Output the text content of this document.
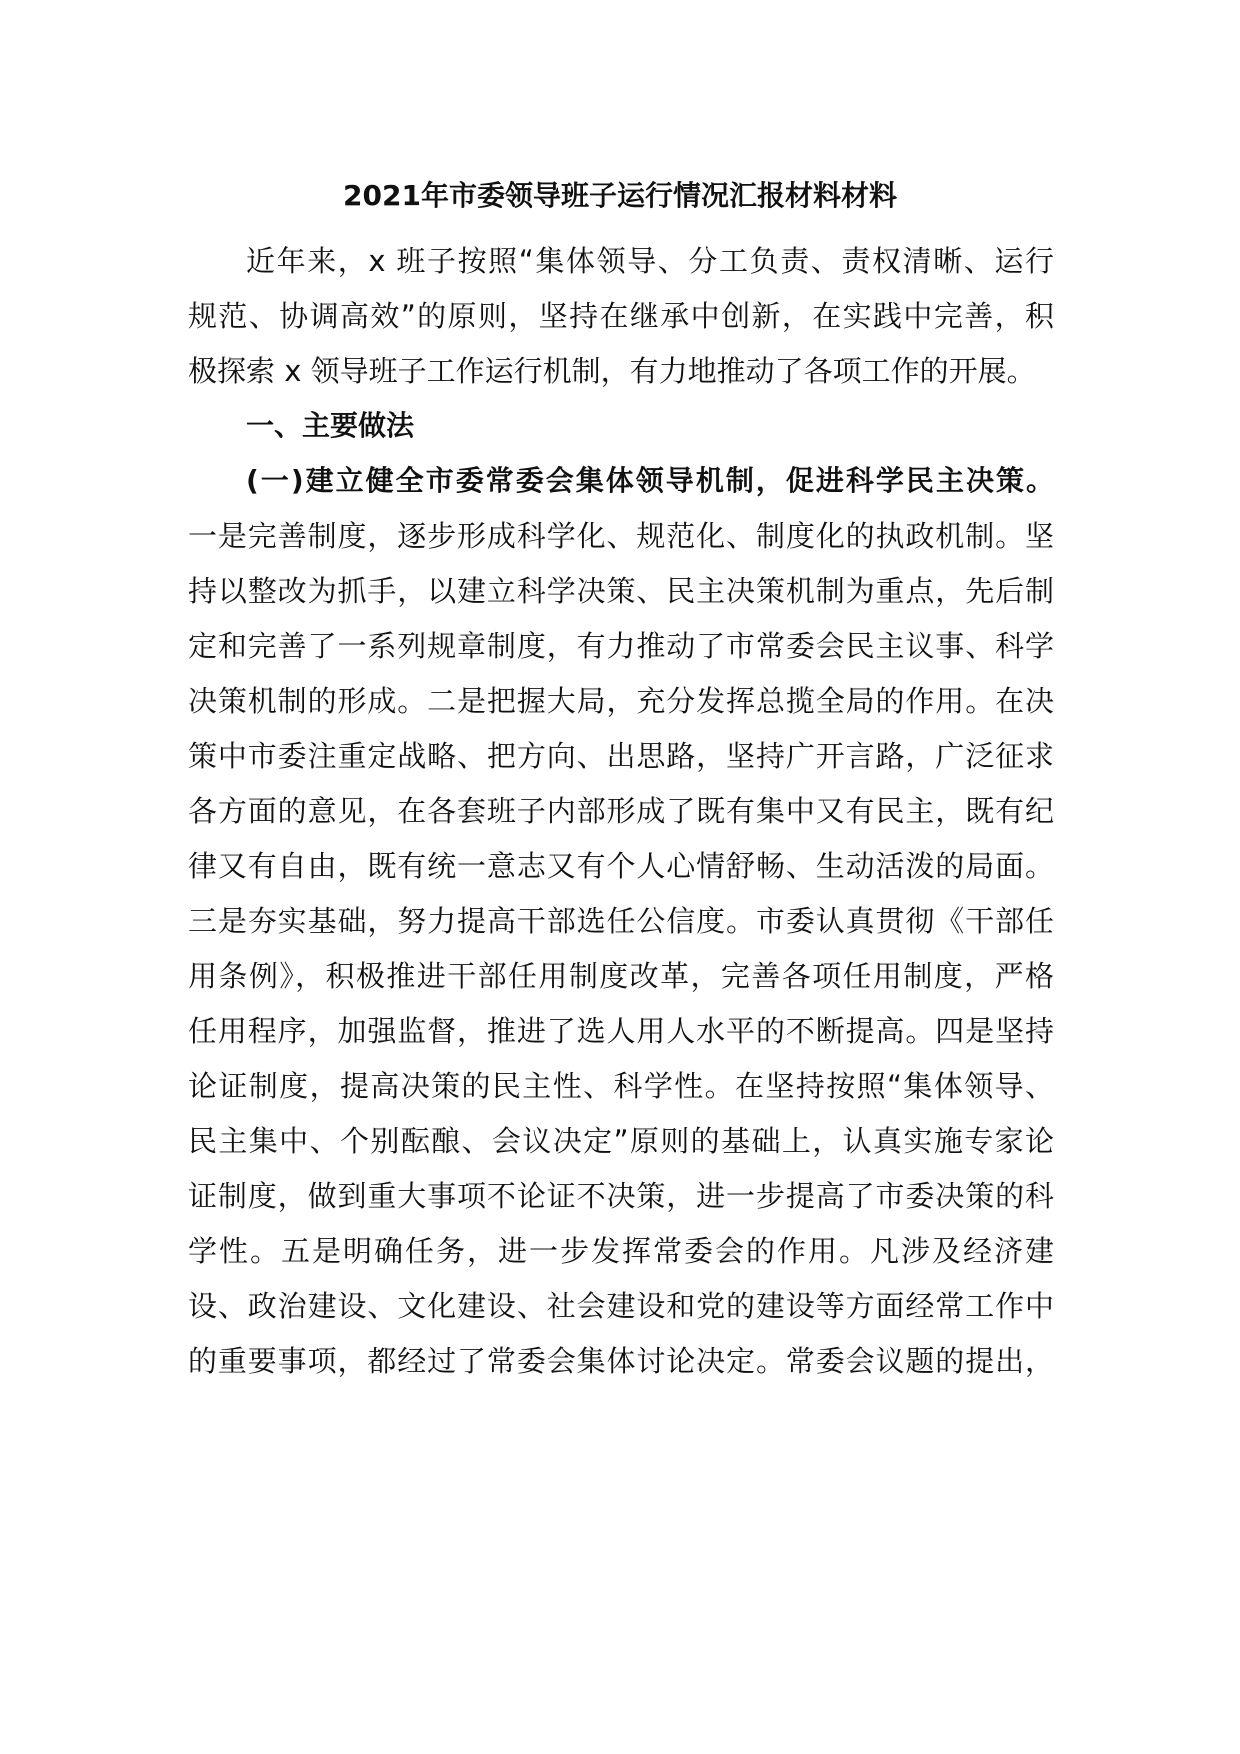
2021年市委领导班子运行情况汇报材料材料
近年来，x 班子按照“集体领导、分工负责、责权清晰、运行
规范、协调高效”的原则，坚持在继承中创新，在实践中完善，积
极探索 x 领导班子工作运行机制，有力地推动了各项工作的开展。
一、主要做法
(一)建立健全市委常委会集体领导机制，促进科学民主决策。
一是完善制度，逐步形成科学化、规范化、制度化的执政机制。坚
持以整改为抓手，以建立科学决策、民主决策机制为重点，先后制
定和完善了一系列规章制度，有力推动了市常委会民主议事、科学
决策机制的形成。二是把握大局，充分发挥总揽全局的作用。在决
策中市委注重定战略、把方向、出思路，坚持广开言路，广泛征求
各方面的意见，在各套班子内部形成了既有集中又有民主，既有纪
律又有自由，既有统一意志又有个人心情舒畅、生动活泼的局面。
三是夯实基础，努力提高干部选任公信度。市委认真贯彻《干部任
用条例》，积极推进干部任用制度改革，完善各项任用制度，严格
任用程序，加强监督，推进了选人用人水平的不断提高。四是坚持
论证制度，提高决策的民主性、科学性。在坚持按照“集体领导、
民主集中、个别酝酿、会议决定”原则的基础上，认真实施专家论
证制度，做到重大事项不论证不决策，进一步提高了市委决策的科
学性。五是明确任务，进一步发挥常委会的作用。凡涉及经济建
设、政治建设、文化建设、社会建设和党的建设等方面经常工作中
的重要事项，都经过了常委会集体讨论决定。常委会议题的提出，
